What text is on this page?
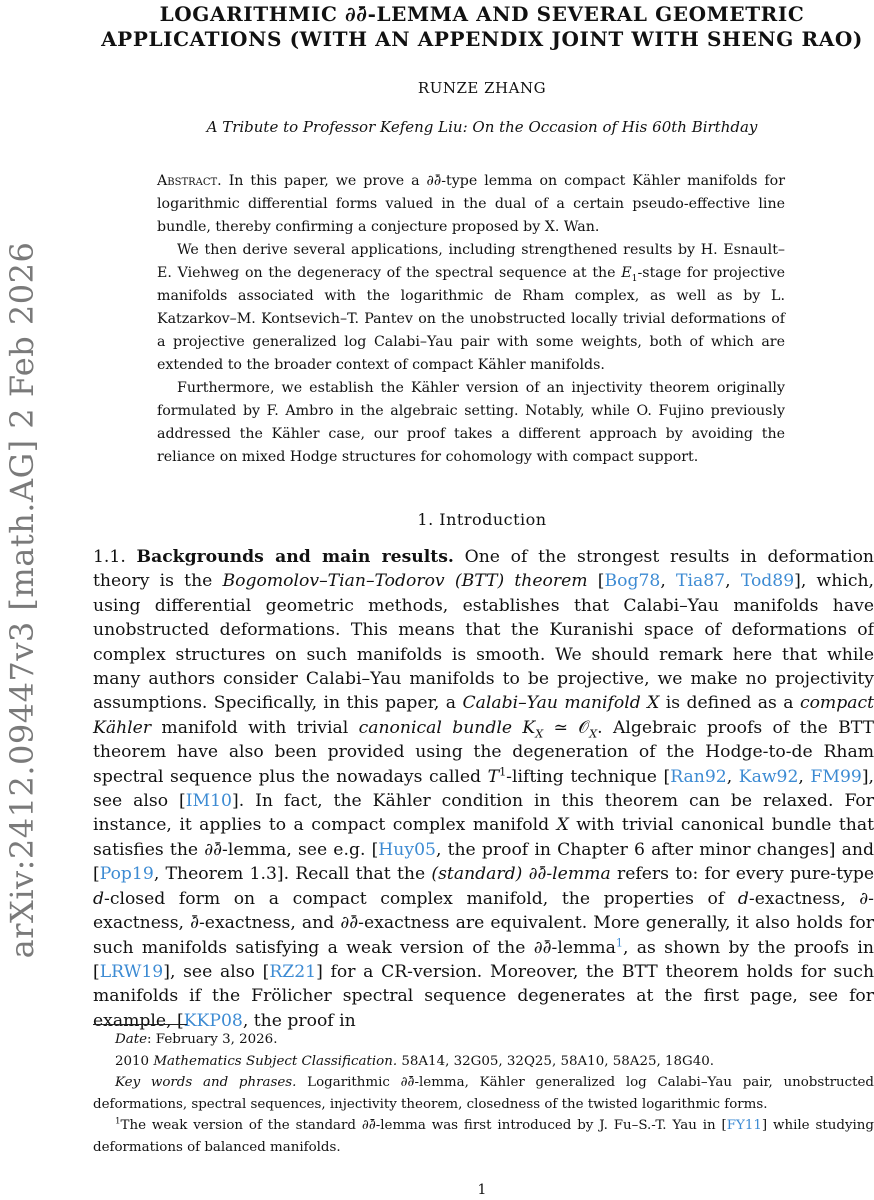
arXiv:2412.09447v3 [math.AG] 2 Feb 2026
LOGARITHMIC ∂∂̄-LEMMA AND SEVERAL GEOMETRIC
APPLICATIONS (WITH AN APPENDIX JOINT WITH SHENG RAO)
RUNZE ZHANG
A Tribute to Professor Kefeng Liu: On the Occasion of His 60th Birthday

Abstract. In this paper, we prove a ∂∂̄-type lemma on compact Kähler manifolds for logarithmic differential forms valued in the dual of a certain pseudo-effective line bundle, thereby confirming a conjecture proposed by X. Wan.

We then derive several applications, including strengthened results by H. Esnault–E. Viehweg on the degeneracy of the spectral sequence at the $E_1$-stage for projective manifolds associated with the logarithmic de Rham complex, as well as by L. Katzarkov–M. Kontsevich–T. Pantev on the unobstructed locally trivial deformations of a projective generalized log Calabi–Yau pair with some weights, both of which are extended to the broader context of compact Kähler manifolds.

Furthermore, we establish the Kähler version of an injectivity theorem originally formulated by F. Ambro in the algebraic setting. Notably, while O. Fujino previously addressed the Kähler case, our proof takes a different approach by avoiding the reliance on mixed Hodge structures for cohomology with compact support.

1. Introduction

1.1. Backgrounds and main results. One of the strongest results in deformation theory is the Bogomolov–Tian–Todorov (BTT) theorem [Bog78, Tia87, Tod89], which, using differential geometric methods, establishes that Calabi–Yau manifolds have unobstructed deformations. This means that the Kuranishi space of deformations of complex structures on such manifolds is smooth. We should remark here that while many authors consider Calabi–Yau manifolds to be projective, we make no projectivity assumptions. Specifically, in this paper, a Calabi–Yau manifold X is defined as a compact Kähler manifold with trivial canonical bundle $K_X$ ≃ 𝒪$_X$. Algebraic proofs of the BTT theorem have also been provided using the degeneration of the Hodge-to-de Rham spectral sequence plus the nowadays called $T^1$-lifting technique [Ran92, Kaw92, FM99], see also [IM10]. In fact, the Kähler condition in this theorem can be relaxed. For instance, it applies to a compact complex manifold X with trivial canonical bundle that satisfies the ∂∂̄-lemma, see e.g. [Huy05, the proof in Chapter 6 after minor changes] and [Pop19, Theorem 1.3]. Recall that the (standard) ∂∂̄-lemma refers to: for every pure-type d-closed form on a compact complex manifold, the properties of d-exactness, ∂-exactness, ∂̄-exactness, and ∂∂̄-exactness are equivalent. More generally, it also holds for such manifolds satisfying a weak version of the ∂∂̄-lemma$^1$, as shown by the proofs in [LRW19], see also [RZ21] for a CR-version. Moreover, the BTT theorem holds for such manifolds if the Frölicher spectral sequence degenerates at the first page, see for example, [KKP08, the proof in

Date: February 3, 2026.

2010 Mathematics Subject Classification. 58A14, 32G05, 32Q25, 58A10, 58A25, 18G40.

Key words and phrases. Logarithmic ∂∂̄-lemma, Kähler generalized log Calabi–Yau pair, unobstructed deformations, spectral sequences, injectivity theorem, closedness of the twisted logarithmic forms.

$^1$The weak version of the standard ∂∂̄-lemma was first introduced by J. Fu–S.-T. Yau in [FY11] while studying deformations of balanced manifolds.

1
